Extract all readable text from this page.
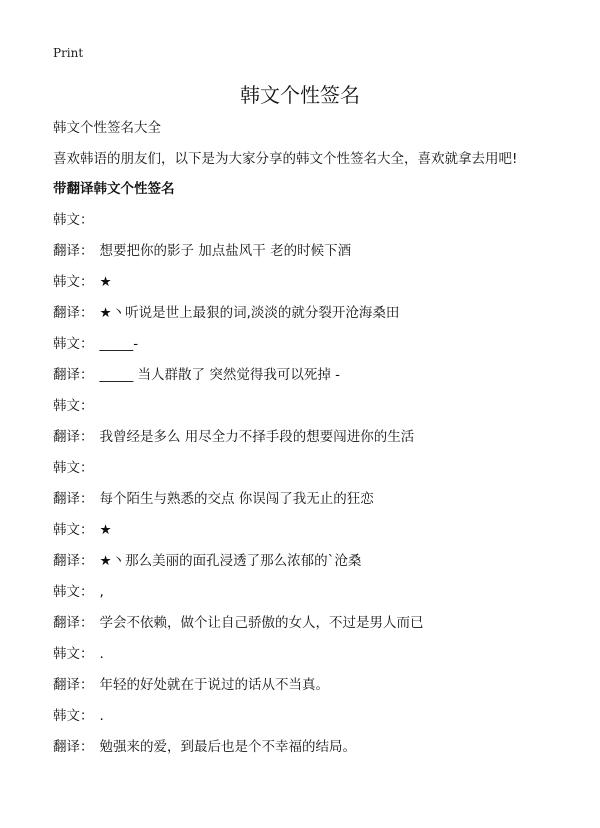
Print
韩文个性签名
韩文个性签名大全
喜欢韩语的朋友们，以下是为大家分享的韩文个性签名大全，喜欢就拿去用吧!
带翻译韩文个性签名
韩文：
翻译： 想要把你的影子 加点盐风干 老的时候下酒
韩文： ★
翻译： ★丶听说是世上最狠的词,淡淡的就分裂开沧海桑田
韩文： _____-
翻译： _____ 当人群散了 突然觉得我可以死掉 -
韩文：
翻译： 我曾经是多么 用尽全力不择手段的想要闯进你的生活
韩文：
翻译： 每个陌生与熟悉的交点 你误闯了我无止的狂恋
韩文： ★
翻译： ★丶那么美丽的面孔浸透了那么浓郁的`沧桑
韩文： ,
翻译： 学会不依赖，做个让自己骄傲的女人，不过是男人而已
韩文： .
翻译： 年轻的好处就在于说过的话从不当真。
韩文： .
翻译： 勉强来的爱，到最后也是个不幸福的结局。
